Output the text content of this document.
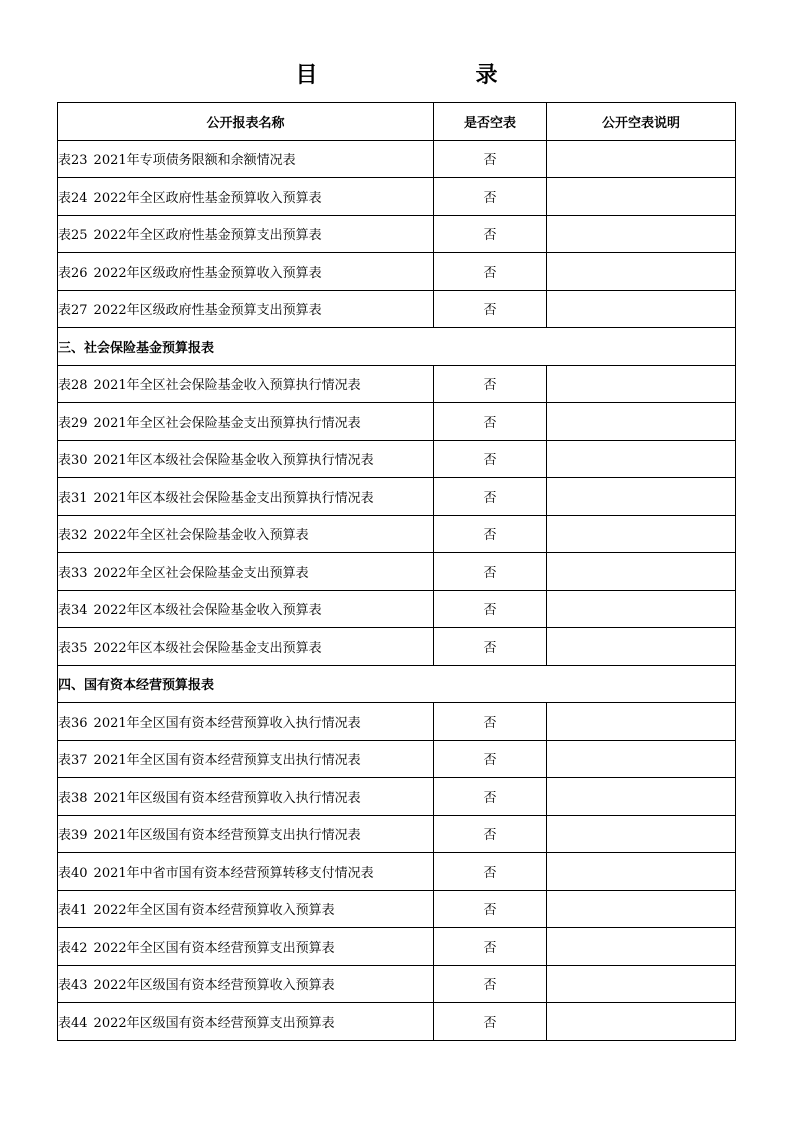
目　　录
公开报表名称	是否空表	公开空表说明
表23 2021年专项债务限额和余额情况表	否	
表24 2022年全区政府性基金预算收入预算表	否	
表25 2022年全区政府性基金预算支出预算表	否	
表26 2022年区级政府性基金预算收入预算表	否	
表27 2022年区级政府性基金预算支出预算表	否	
三、社会保险基金预算报表		
表28 2021年全区社会保险基金收入预算执行情况表	否	
表29 2021年全区社会保险基金支出预算执行情况表	否	
表30 2021年区本级社会保险基金收入预算执行情况表	否	
表31 2021年区本级社会保险基金支出预算执行情况表	否	
表32 2022年全区社会保险基金收入预算表	否	
表33 2022年全区社会保险基金支出预算表	否	
表34 2022年区本级社会保险基金收入预算表	否	
表35 2022年区本级社会保险基金支出预算表	否	
四、国有资本经营预算报表		
表36 2021年全区国有资本经营预算收入执行情况表	否	
表37 2021年全区国有资本经营预算支出执行情况表	否	
表38 2021年区级国有资本经营预算收入执行情况表	否	
表39 2021年区级国有资本经营预算支出执行情况表	否	
表40 2021年中省市国有资本经营预算转移支付情况表	否	
表41 2022年全区国有资本经营预算收入预算表	否	
表42 2022年全区国有资本经营预算支出预算表	否	
表43 2022年区级国有资本经营预算收入预算表	否	
表44 2022年区级国有资本经营预算支出预算表	否	
